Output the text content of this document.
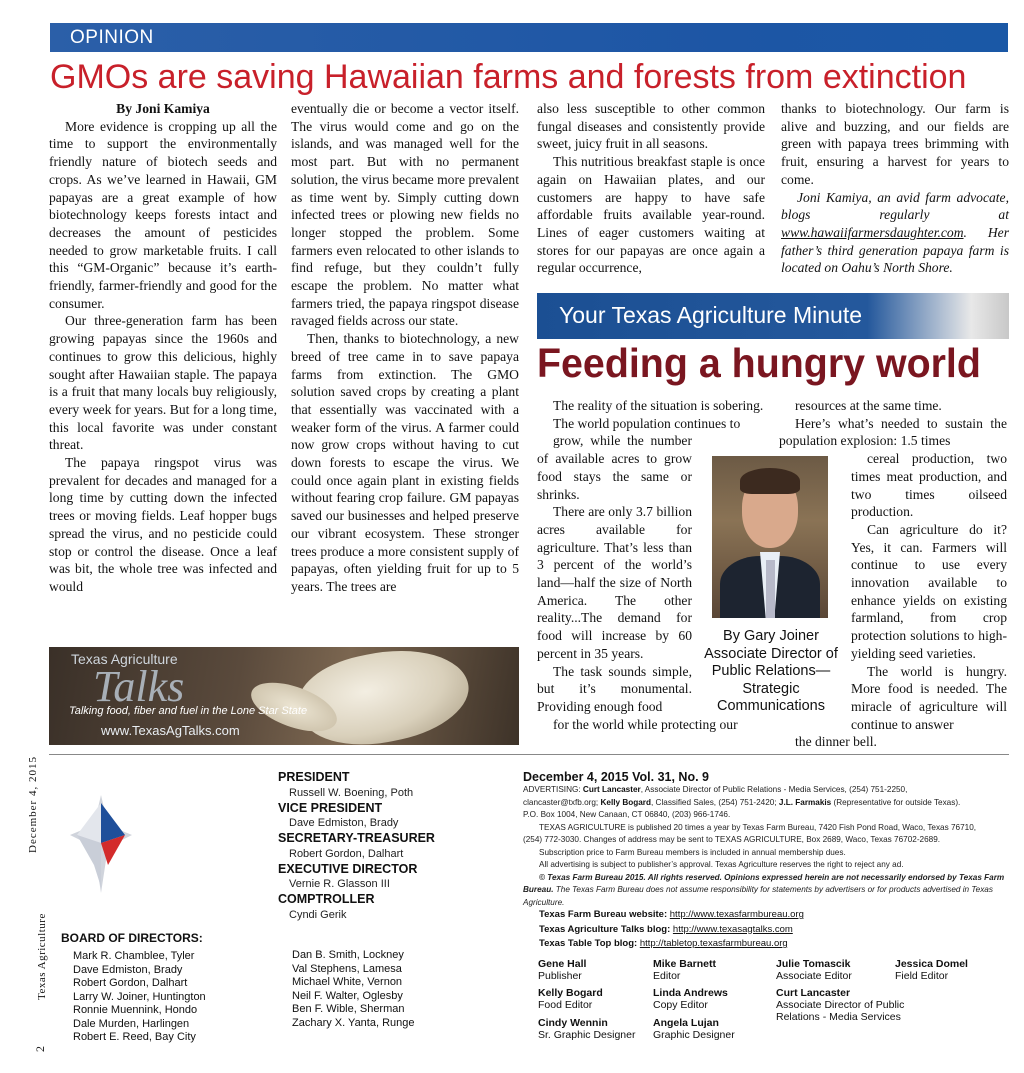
OPINION
GMOs are saving Hawaiian farms and forests from extinction

By Joni Kamiya

More evidence is cropping up all the time to support the environmentally friendly nature of biotech seeds and crops. As we’ve learned in Hawaii, GM papayas are a great example of how biotechnology keeps forests intact and decreases the amount of pesticides needed to grow marketable fruits. I call this “GM-Organic” because it’s earth-friendly, farmer-friendly and good for the consumer.

Our three-generation farm has been growing papayas since the 1960s and continues to grow this delicious, highly sought after Hawaiian staple. The papaya is a fruit that many locals buy religiously, every week for years. But for a long time, this local favorite was under constant threat.

The papaya ringspot virus was prevalent for decades and managed for a long time by cutting down the infected trees or moving fields. Leaf hopper bugs spread the virus, and no pesticide could stop or control the disease. Once a leaf was bit, the whole tree was infected and would

eventually die or become a vector itself. The virus would come and go on the islands, and was managed well for the most part. But with no permanent solution, the virus became more prevalent as time went by. Simply cutting down infected trees or plowing new fields no longer stopped the problem. Some farmers even relocated to other islands to find refuge, but they couldn’t fully escape the problem. No matter what farmers tried, the papaya ringspot disease ravaged fields across our state.

Then, thanks to biotechnology, a new breed of tree came in to save papaya farms from extinction. The GMO solution saved crops by creating a plant that essentially was vaccinated with a weaker form of the virus. A farmer could now grow crops without having to cut down forests to escape the virus. We could once again plant in existing fields without fearing crop failure. GM papayas saved our businesses and helped preserve our vibrant ecosystem. These stronger trees produce a more consistent supply of papayas, often yielding fruit for up to 5 years. The trees are

also less susceptible to other common fungal diseases and consistently provide sweet, juicy fruit in all seasons.

This nutritious breakfast staple is once again on Hawaiian plates, and our customers are happy to have safe affordable fruits available year-round. Lines of eager customers waiting at stores for our papayas are once again a regular occurrence,

thanks to biotechnology. Our farm is alive and buzzing, and our fields are green with papaya trees brimming with fruit, ensuring a harvest for years to come.

Joni Kamiya, an avid farm advocate, blogs regularly at www.hawaiifarmersdaughter.com. Her father’s third generation papaya farm is located on Oahu’s North Shore.

Texas Agriculture
Talks
Talking food, fiber and fuel in the Lone Star State
www.TexasAgTalks.com
Your Texas Agriculture Minute
Feeding a hungry world

The reality of the situation is sobering.

The world population continues to

grow, while the number of available acres to grow food stays the same or shrinks.

There are only 3.7 billion acres available for agriculture. That’s less than 3 percent of the world’s land—half the size of North America. The other reality...The demand for food will increase by 60 percent in 35 years.

The task sounds simple, but it’s monumental. Providing enough food

for the world while protecting our

resources at the same time.

Here’s what’s needed to sustain the population explosion: 1.5 times

cereal production, two times meat production, and two times oilseed production.

Can agriculture do it? Yes, it can. Farmers will continue to use every innovation available to enhance yields on existing farmland, from crop protection solutions to high-yielding seed varieties.

The world is hungry. More food is needed. The miracle of agriculture will continue to answer

the dinner bell.

By Gary Joiner Associate Director of Public Relations—Strategic Communications
December 4, 2015
Texas Agriculture
2
PRESIDENT
Russell W. Boening, Poth
VICE PRESIDENT
Dave Edmiston, Brady
SECRETARY-TREASURER
Robert Gordon, Dalhart
EXECUTIVE DIRECTOR
Vernie R. Glasson III
COMPTROLLER
Cyndi Gerik
BOARD OF DIRECTORS:
Mark R. Chamblee, Tyler
Dave Edmiston, Brady
Robert Gordon, Dalhart
Larry W. Joiner, Huntington
Ronnie Muennink, Hondo
Dale Murden, Harlingen
Robert E. Reed, Bay City
Dan B. Smith, Lockney
Val Stephens, Lamesa
Michael White, Vernon
Neil F. Walter, Oglesby
Ben F. Wible, Sherman
Zachary X. Yanta, Runge
December 4, 2015 Vol. 31, No. 9
ADVERTISING: Curt Lancaster, Associate Director of Public Relations - Media Services, (254) 751-2250,
clancaster@txfb.org; Kelly Bogard, Classified Sales, (254) 751-2420; J.L. Farmakis (Representative for outside Texas).
P.O. Box 1004, New Canaan, CT 06840, (203) 966-1746.
TEXAS AGRICULTURE is published 20 times a year by Texas Farm Bureau, 7420 Fish Pond Road, Waco, Texas 76710,
(254) 772-3030. Changes of address may be sent to TEXAS AGRICULTURE, Box 2689, Waco, Texas 76702-2689.
Subscription price to Farm Bureau members is included in annual membership dues.
All advertising is subject to publisher’s approval. Texas Agriculture reserves the right to reject any ad.
© Texas Farm Bureau 2015. All rights reserved. Opinions expressed herein are not necessarily endorsed by Texas Farm Bureau. The Texas Farm Bureau does not assume responsibility for statements by advertisers or for products advertised in Texas Agriculture.
Texas Farm Bureau website: http://www.texasfarmbureau.org
Texas Agriculture Talks blog: http://www.texasagtalks.com
Texas Table Top blog: http://tabletop.texasfarmbureau.org
Gene Hall
Publisher
Mike Barnett
Editor
Julie Tomascik
Associate Editor
Jessica Domel
Field Editor
Kelly Bogard
Food Editor
Linda Andrews
Copy Editor
Curt Lancaster
Associate Director of Public Relations - Media Services
Cindy Wennin
Sr. Graphic Designer
Angela Lujan
Graphic Designer
